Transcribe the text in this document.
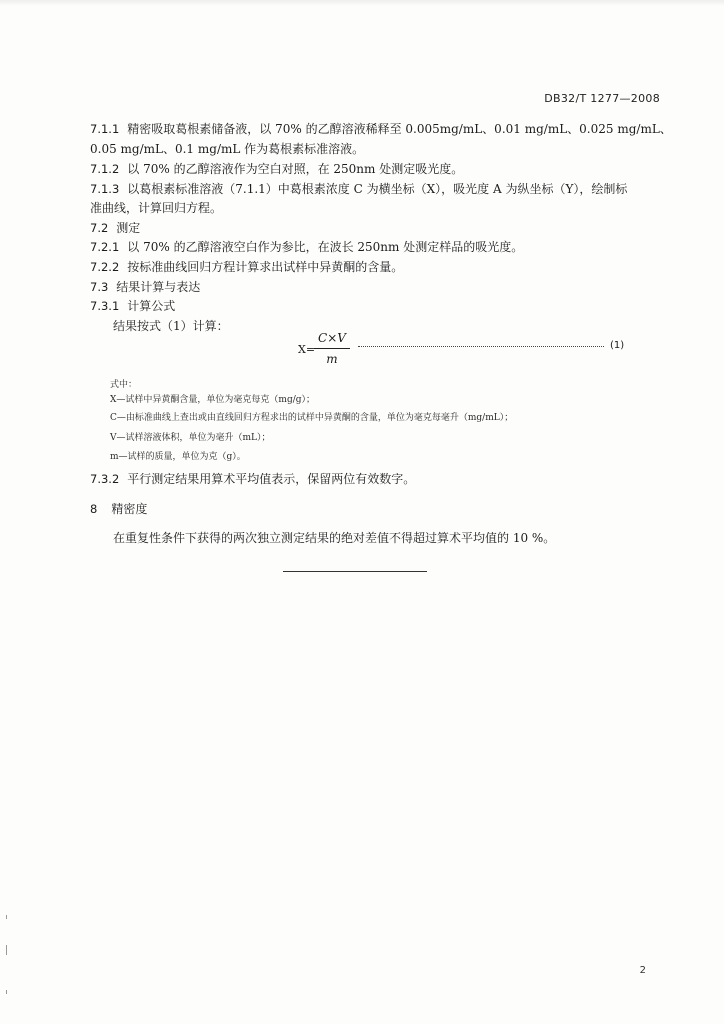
DB32/T 1277—2008
7.1.1 精密吸取葛根素储备液，以 70% 的乙醇溶液稀释至 0.005mg/mL、0.01 mg/mL、0.025 mg/mL、
0.05 mg/mL、0.1 mg/mL 作为葛根素标准溶液。
7.1.2 以 70% 的乙醇溶液作为空白对照，在 250nm 处测定吸光度。
7.1.3 以葛根素标准溶液（7.1.1）中葛根素浓度 C 为横坐标（X），吸光度 A 为纵坐标（Y），绘制标
准曲线，计算回归方程。
7.2 测定
7.2.1 以 70% 的乙醇溶液空白作为参比，在波长 250nm 处测定样品的吸光度。
7.2.2 按标准曲线回归方程计算求出试样中异黄酮的含量。
7.3 结果计算与表达
7.3.1 计算公式
结果按式（1）计算：
X=
C×V
m
(1)
式中：
X—试样中异黄酮含量，单位为毫克每克（mg/g）；
C—由标准曲线上查出或由直线回归方程求出的试样中异黄酮的含量，单位为毫克每毫升（mg/mL）；
V—试样溶液体积，单位为毫升（mL）；
m—试样的质量，单位为克（g）。
7.3.2 平行测定结果用算术平均值表示，保留两位有效数字。
8 精密度
在重复性条件下获得的两次独立测定结果的绝对差值不得超过算术平均值的 10 %。
2
